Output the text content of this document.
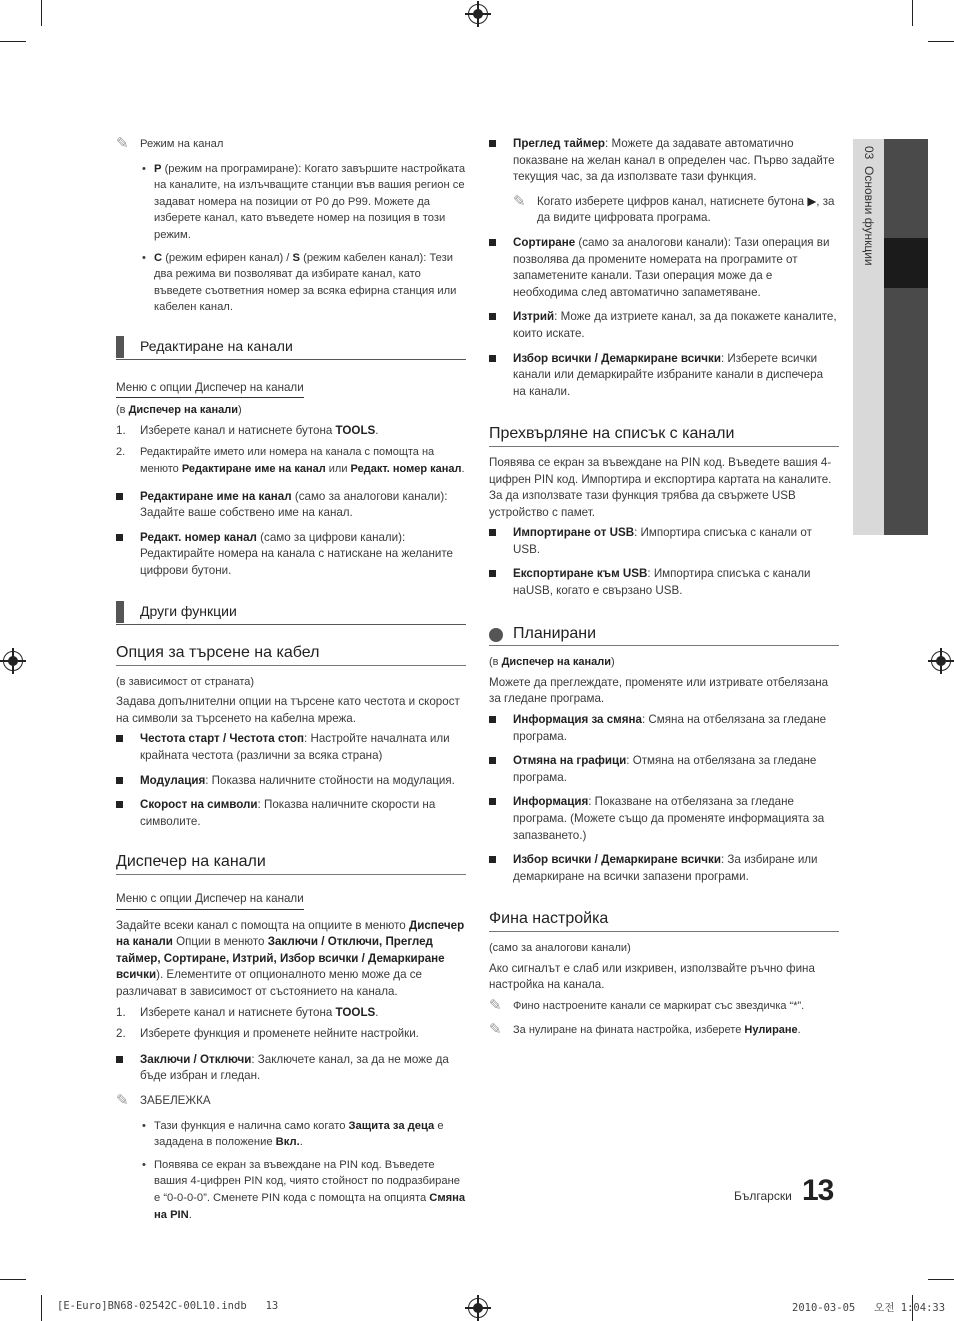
03  Основни функции
✎ Режим на канал
• P (режим на програмиране): Когато завършите настройката на каналите, на излъчващите станции във вашия регион се задават номера на позиции от P0 до P99. Можете да изберете канал, като въведете номер на позиция в този режим.
• C (режим ефирен канал) / S (режим кабелен канал): Тези два режима ви позволяват да избирате канал, като въведете съответния номер за всяка ефирна станция или кабелен канал.
Редактиране на канали
Меню с опции Диспечер на канали

(в Диспечер на канали)

1. Изберете канал и натиснете бутона TOOLS.
2. Редактирайте името или номера на канала с помощта на менюто Редактиране име на канал или Редакт. номер канал.
Редактиране име на канал (само за аналогови канали): Задайте ваше собствено име на канал.
Редакт. номер канал (само за цифрови канали): Редактирайте номера на канала с натискане на желаните цифрови бутони.
Други функции
Опция за търсене на кабел

(в зависимост от страната)

Задава допълнителни опции на търсене като честота и скорост на символи за търсенето на кабелна мрежа.

Честота старт / Честота стоп: Настройте началната или крайната честота (различни за всяка страна)
Модулация: Показва наличните стойности на модулация.
Скорост на символи: Показва наличните скорости на символите.
Диспечер на канали
Меню с опции Диспечер на канали

Задайте всеки канал с помощта на опциите в менюто Диспечер на канали Опции в менюто Заключи / Отключи, Преглед таймер, Сортиране, Изтрий, Избор всички / Демаркиране всички). Елементите от опционалното меню може да се различават в зависимост от състоянието на канала.

1. Изберете канал и натиснете бутона TOOLS.
2. Изберете функция и променете нейните настройки.
Заключи / Отключи: Заключете канал, за да не може да бъде избран и гледан.
✎ ЗАБЕЛЕЖКА
• Тази функция е налична само когато Защита за деца е зададена в положение Вкл..
• Появява се екран за въвеждане на PIN код. Въведете вашия 4-цифрен PIN код, чиято стойност по подразбиране е “0-0-0-0”. Сменете PIN кода с помощта на опцията Смяна на PIN.
Преглед таймер: Можете да задавате автоматично показване на желан канал в определен час. Първо задайте текущия час, за да използвате тази функция.
✎ Когато изберете цифров канал, натиснете бутона ▶, за да видите цифровата програма.
Сортиране (само за аналогови канали): Тази операция ви позволява да промените номерата на програмите от запаметените канали. Тази операция може да е необходима след автоматично запаметяване.
Изтрий: Може да изтриете канал, за да покажете каналите, които искате.
Избор всички / Демаркиране всички: Изберете всички канали или демаркирайте избраните канали в диспечера на канали.
Прехвърляне на списък с канали

Появява се екран за въвеждане на PIN код. Въведете вашия 4-цифрен PIN код. Импортира и експортира картата на каналите. За да използвате тази функция трябва да свържете USB устройство с памет.

Импортиране от USB: Импортира списъка с канали от USB.
Експортиране към USB: Импортира списъка с канали наUSB, когато е свързано USB.
Планирани

(в Диспечер на канали)

Можете да преглеждате, променяте или изтривате отбелязана за гледане програма.

Информация за смяна: Смяна на отбелязана за гледане програма.
Отмяна на графици: Отмяна на отбелязана за гледане програма.
Информация: Показване на отбелязана за гледане програма. (Можете също да променяте информацията за запазването.)
Избор всички / Демаркиране всички: За избиране или демаркиране на всички запазени програми.
Фина настройка

(само за аналогови канали)

Ако сигналът е слаб или изкривен, използвайте ръчно фина настройка на канала.

✎ Фино настроените канали се маркират със звездичка “*”.
✎ За нулиране на фината настройка, изберете Нулиране.
Български 13
[E-Euro]BN68-02542C-00L10.indb   13	2010-03-05   오전 1:04:33
